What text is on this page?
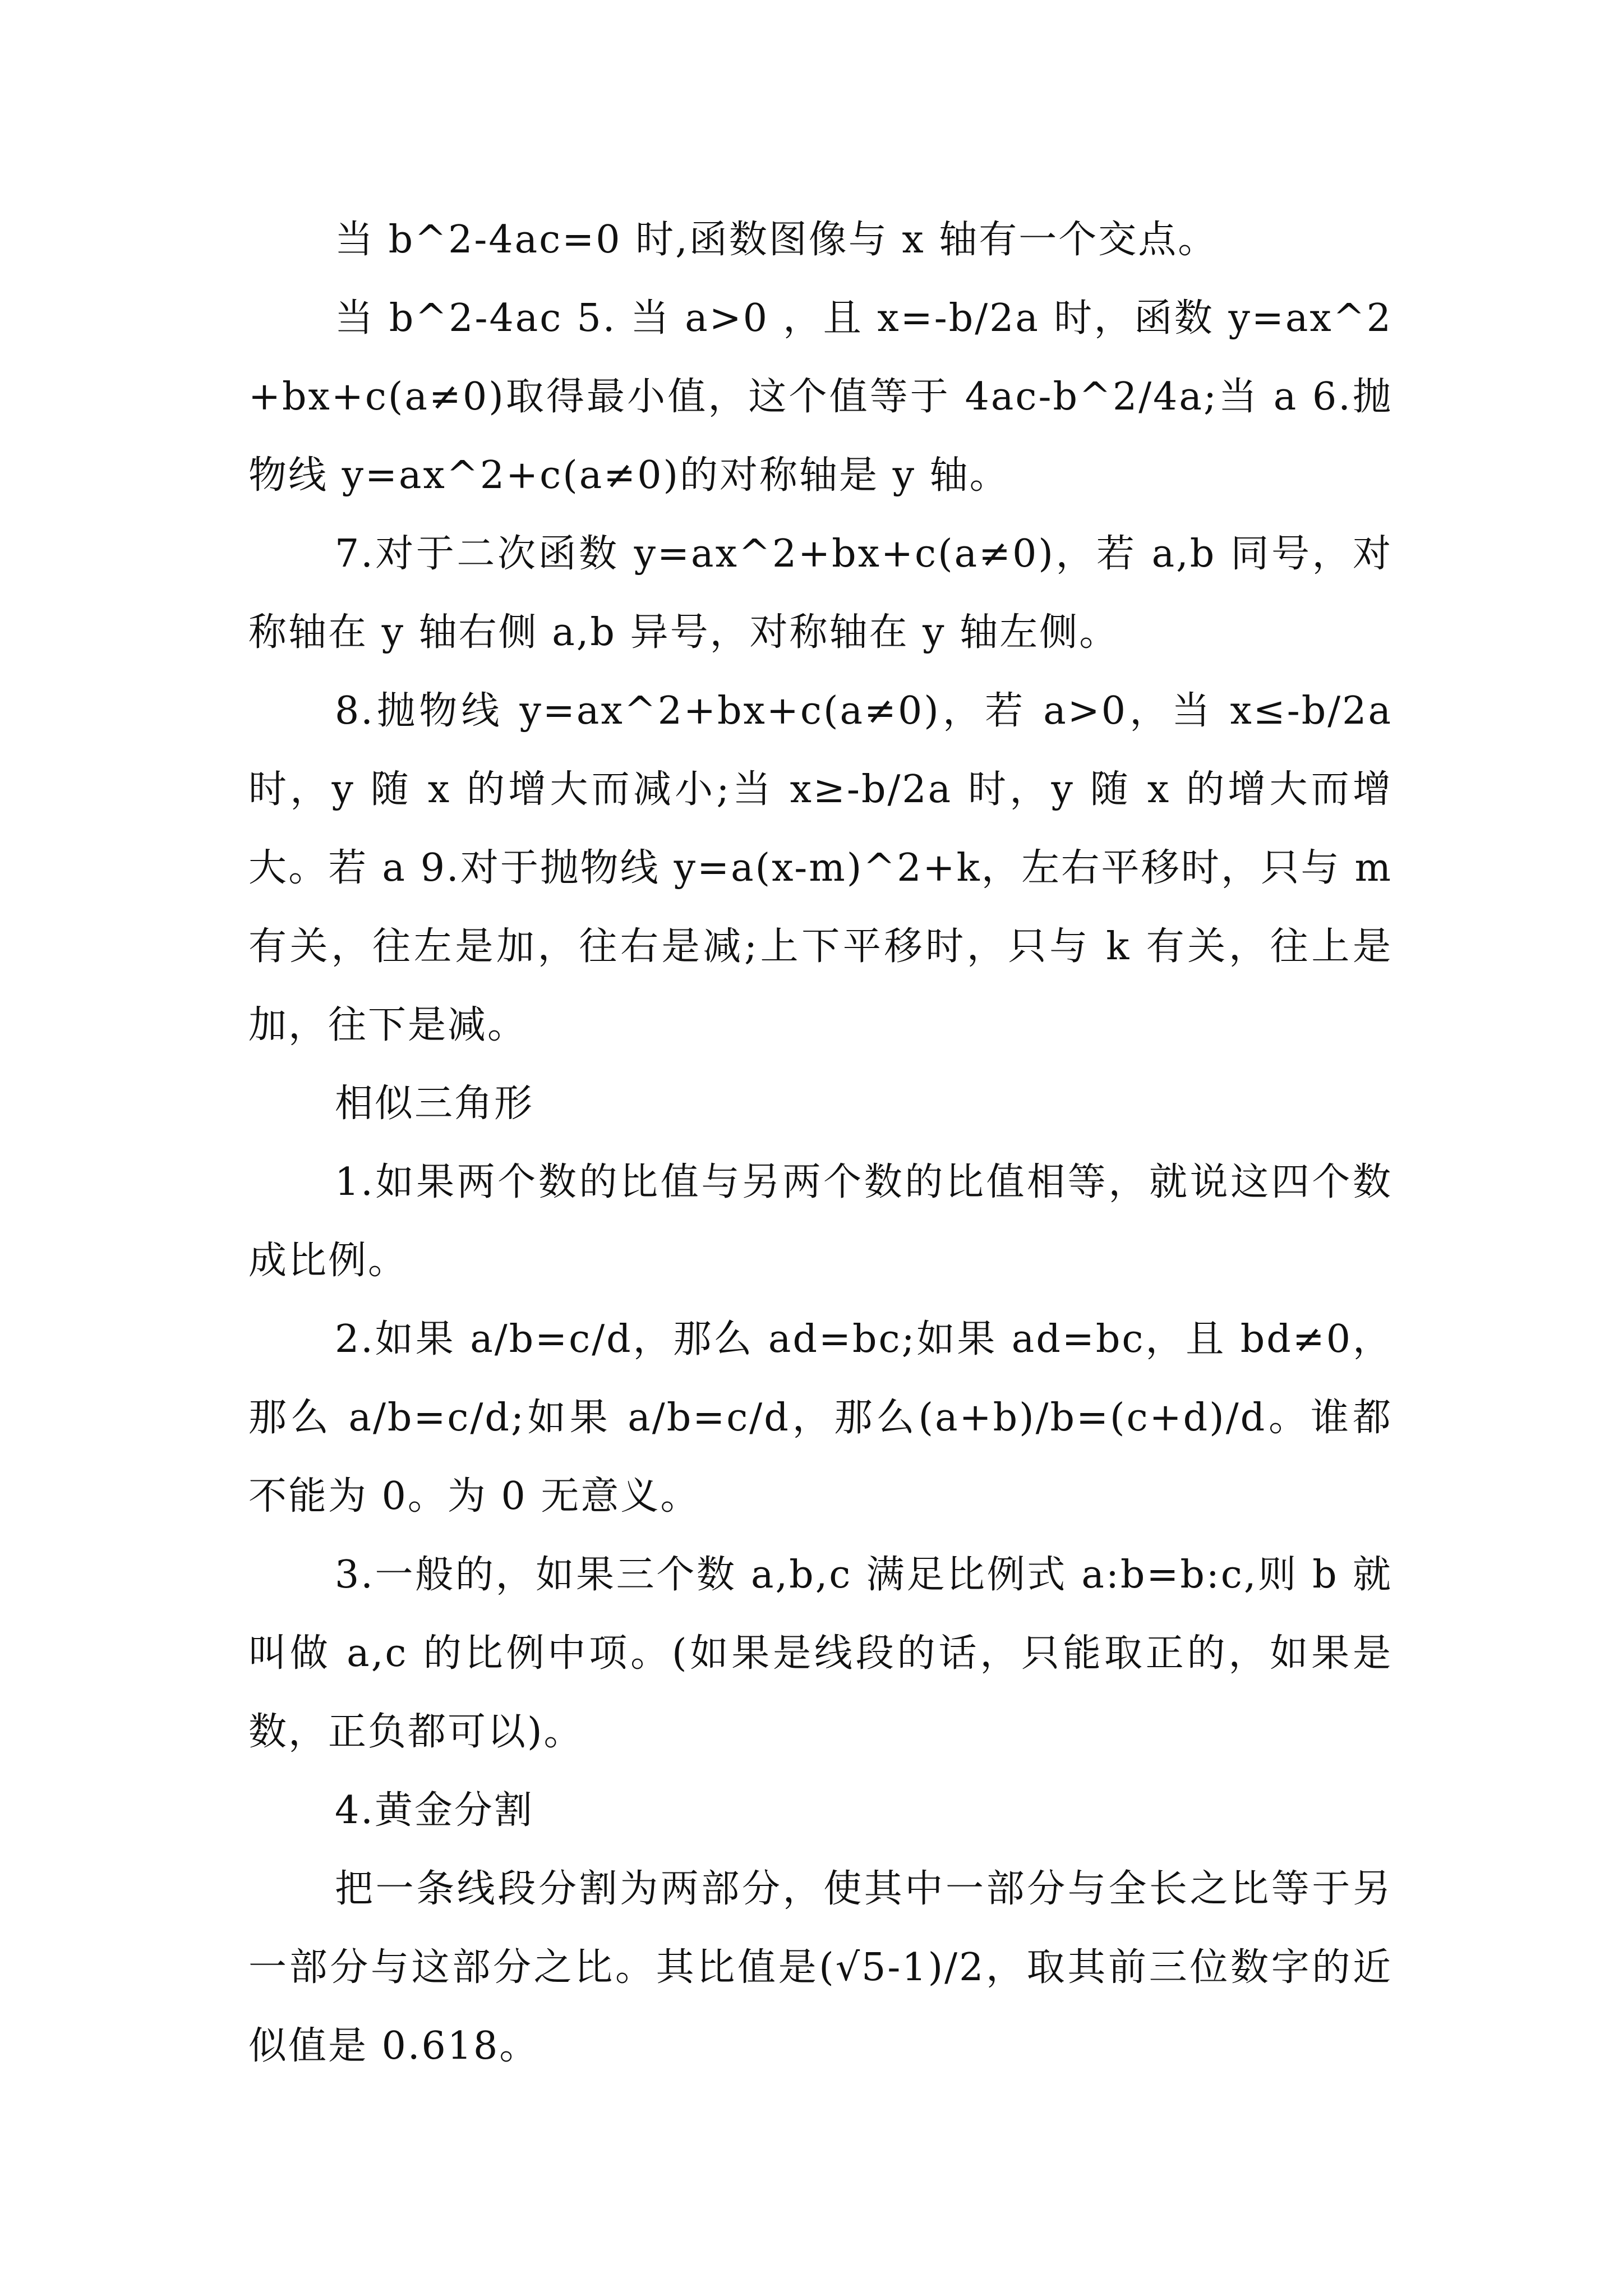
当 b^2-4ac=0 时,函数图像与 x 轴有一个交点。

当 b^2-4ac 5. 当 a>0 ，且 x=-b/2a 时，函数 y=ax^2+bx+c(a≠0)取得最小值，这个值等于 4ac-b^2/4a;当 a 6.抛物线 y=ax^2+c(a≠0)的对称轴是 y 轴。

7.对于二次函数 y=ax^2+bx+c(a≠0)，若 a,b 同号，对称轴在 y 轴右侧 a,b 异号，对称轴在 y 轴左侧。

8.抛物线 y=ax^2+bx+c(a≠0)，若 a>0，当 x≤-b/2a 时，y 随 x 的增大而减小;当 x≥-b/2a 时，y 随 x 的增大而增大。若 a 9.对于抛物线 y=a(x-m)^2+k，左右平移时，只与 m 有关，往左是加，往右是减;上下平移时，只与 k 有关，往上是加，往下是减。

相似三角形

1.如果两个数的比值与另两个数的比值相等，就说这四个数成比例。

2.如果 a/b=c/d，那么 ad=bc;如果 ad=bc，且 bd≠0，那么 a/b=c/d;如果 a/b=c/d，那么(a+b)/b=(c+d)/d。谁都不能为 0。为 0 无意义。

3.一般的，如果三个数 a,b,c 满足比例式 a:b=b:c,则 b 就叫做 a,c 的比例中项。(如果是线段的话，只能取正的，如果是数，正负都可以)。

4.黄金分割

把一条线段分割为两部分，使其中一部分与全长之比等于另一部分与这部分之比。其比值是(√5-1)/2，取其前三位数字的近似值是 0.618。
